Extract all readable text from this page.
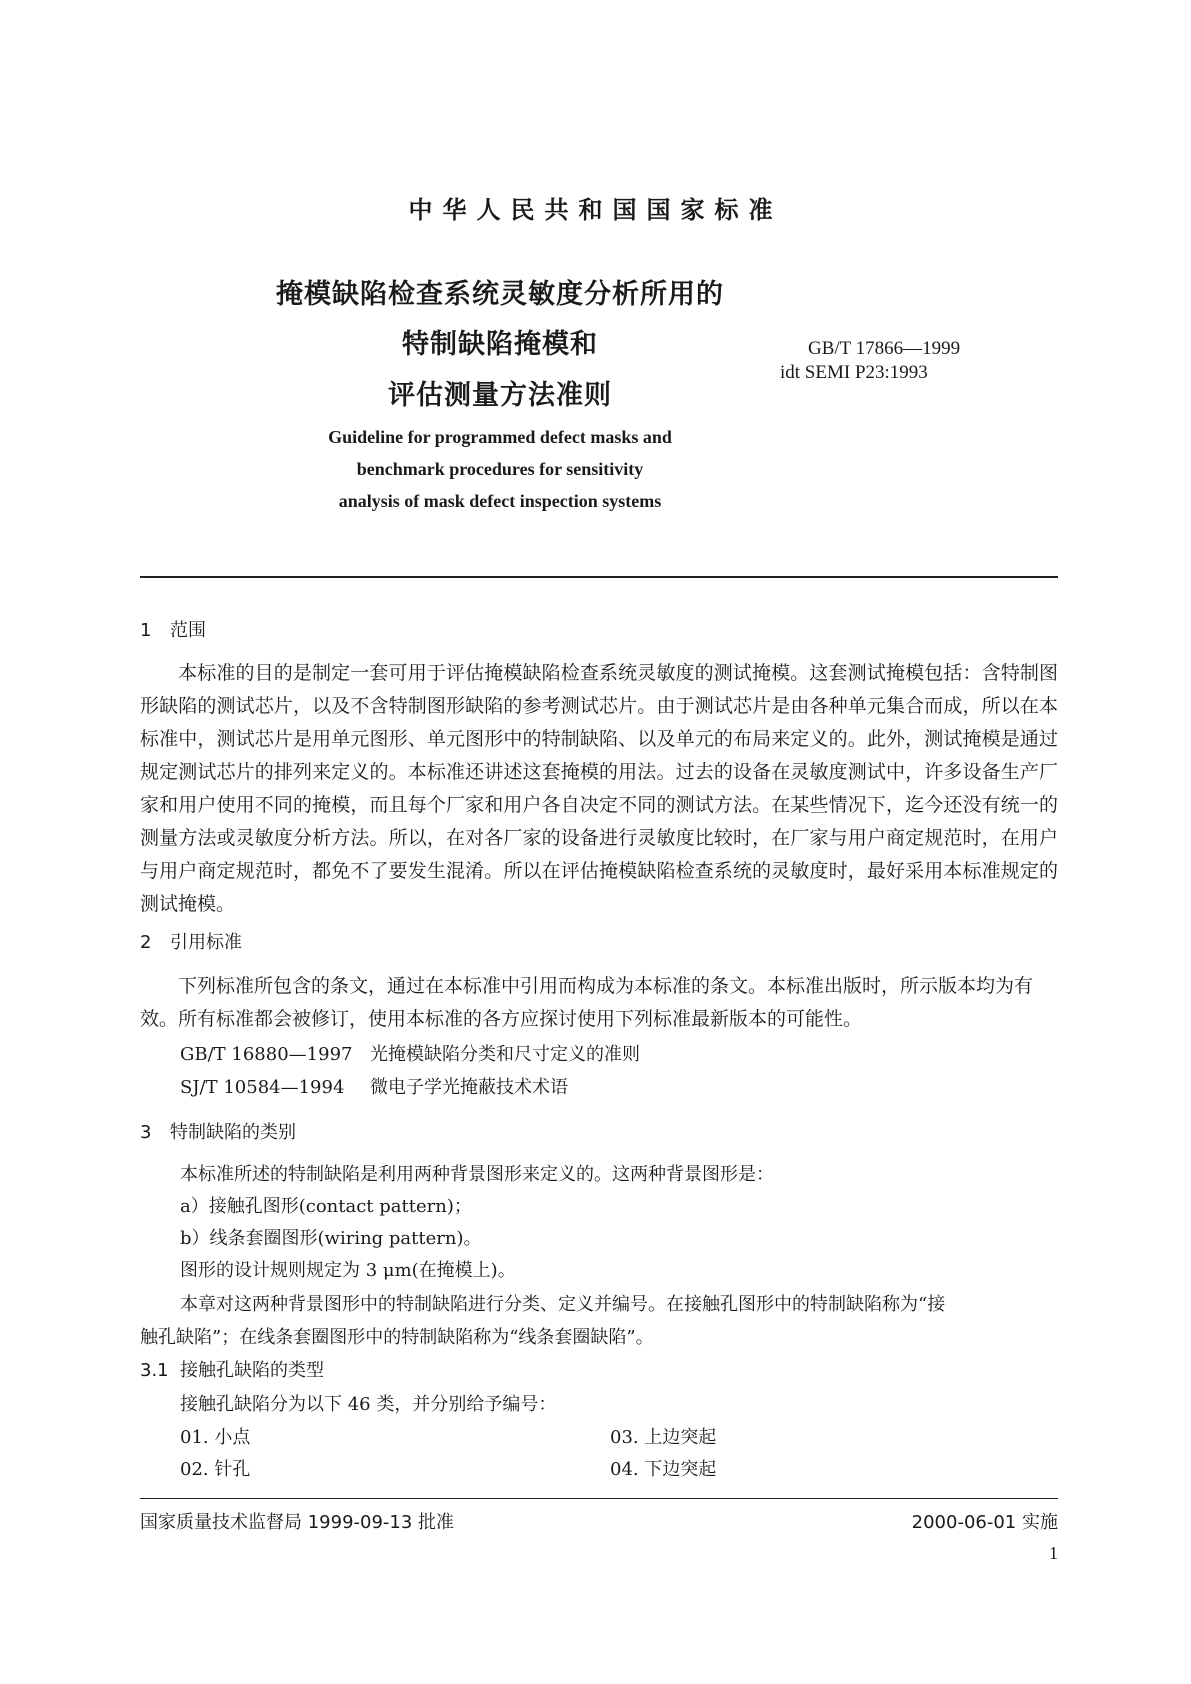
中华人民共和国国家标准
掩模缺陷检查系统灵敏度分析所用的
特制缺陷掩模和
评估测量方法准则
GB/T 17866—1999
idt SEMI P23:1993
Guideline for programmed defect masks and
benchmark procedures for sensitivity
analysis of mask defect inspection systems
1 范围
本标准的目的是制定一套可用于评估掩模缺陷检查系统灵敏度的测试掩模。这套测试掩模包括：含特制图形缺陷的测试芯片，以及不含特制图形缺陷的参考测试芯片。由于测试芯片是由各种单元集合而成，所以在本标准中，测试芯片是用单元图形、单元图形中的特制缺陷、以及单元的布局来定义的。此外，测试掩模是通过规定测试芯片的排列来定义的。本标准还讲述这套掩模的用法。过去的设备在灵敏度测试中，许多设备生产厂家和用户使用不同的掩模，而且每个厂家和用户各自决定不同的测试方法。在某些情况下，迄今还没有统一的测量方法或灵敏度分析方法。所以，在对各厂家的设备进行灵敏度比较时，在厂家与用户商定规范时，在用户与用户商定规范时，都免不了要发生混淆。所以在评估掩模缺陷检查系统的灵敏度时，最好采用本标准规定的测试掩模。
2 引用标准
下列标准所包含的条文，通过在本标准中引用而构成为本标准的条文。本标准出版时，所示版本均为有效。所有标准都会被修订，使用本标准的各方应探讨使用下列标准最新版本的可能性。
GB/T 16880—1997 光掩模缺陷分类和尺寸定义的准则
SJ/T 10584—1994 微电子学光掩蔽技术术语
3 特制缺陷的类别
本标准所述的特制缺陷是利用两种背景图形来定义的。这两种背景图形是：
a）接触孔图形(contact pattern)；
b）线条套圈图形(wiring pattern)。
图形的设计规则规定为 3 μm(在掩模上)。
本章对这两种背景图形中的特制缺陷进行分类、定义并编号。在接触孔图形中的特制缺陷称为“接
触孔缺陷”；在线条套圈图形中的特制缺陷称为“线条套圈缺陷”。
3.1 接触孔缺陷的类型
接触孔缺陷分为以下 46 类，并分别给予编号：
01. 小点
02. 针孔
03. 上边突起
04. 下边突起
国家质量技术监督局 1999-09-13 批准	2000-06-01 实施
1
